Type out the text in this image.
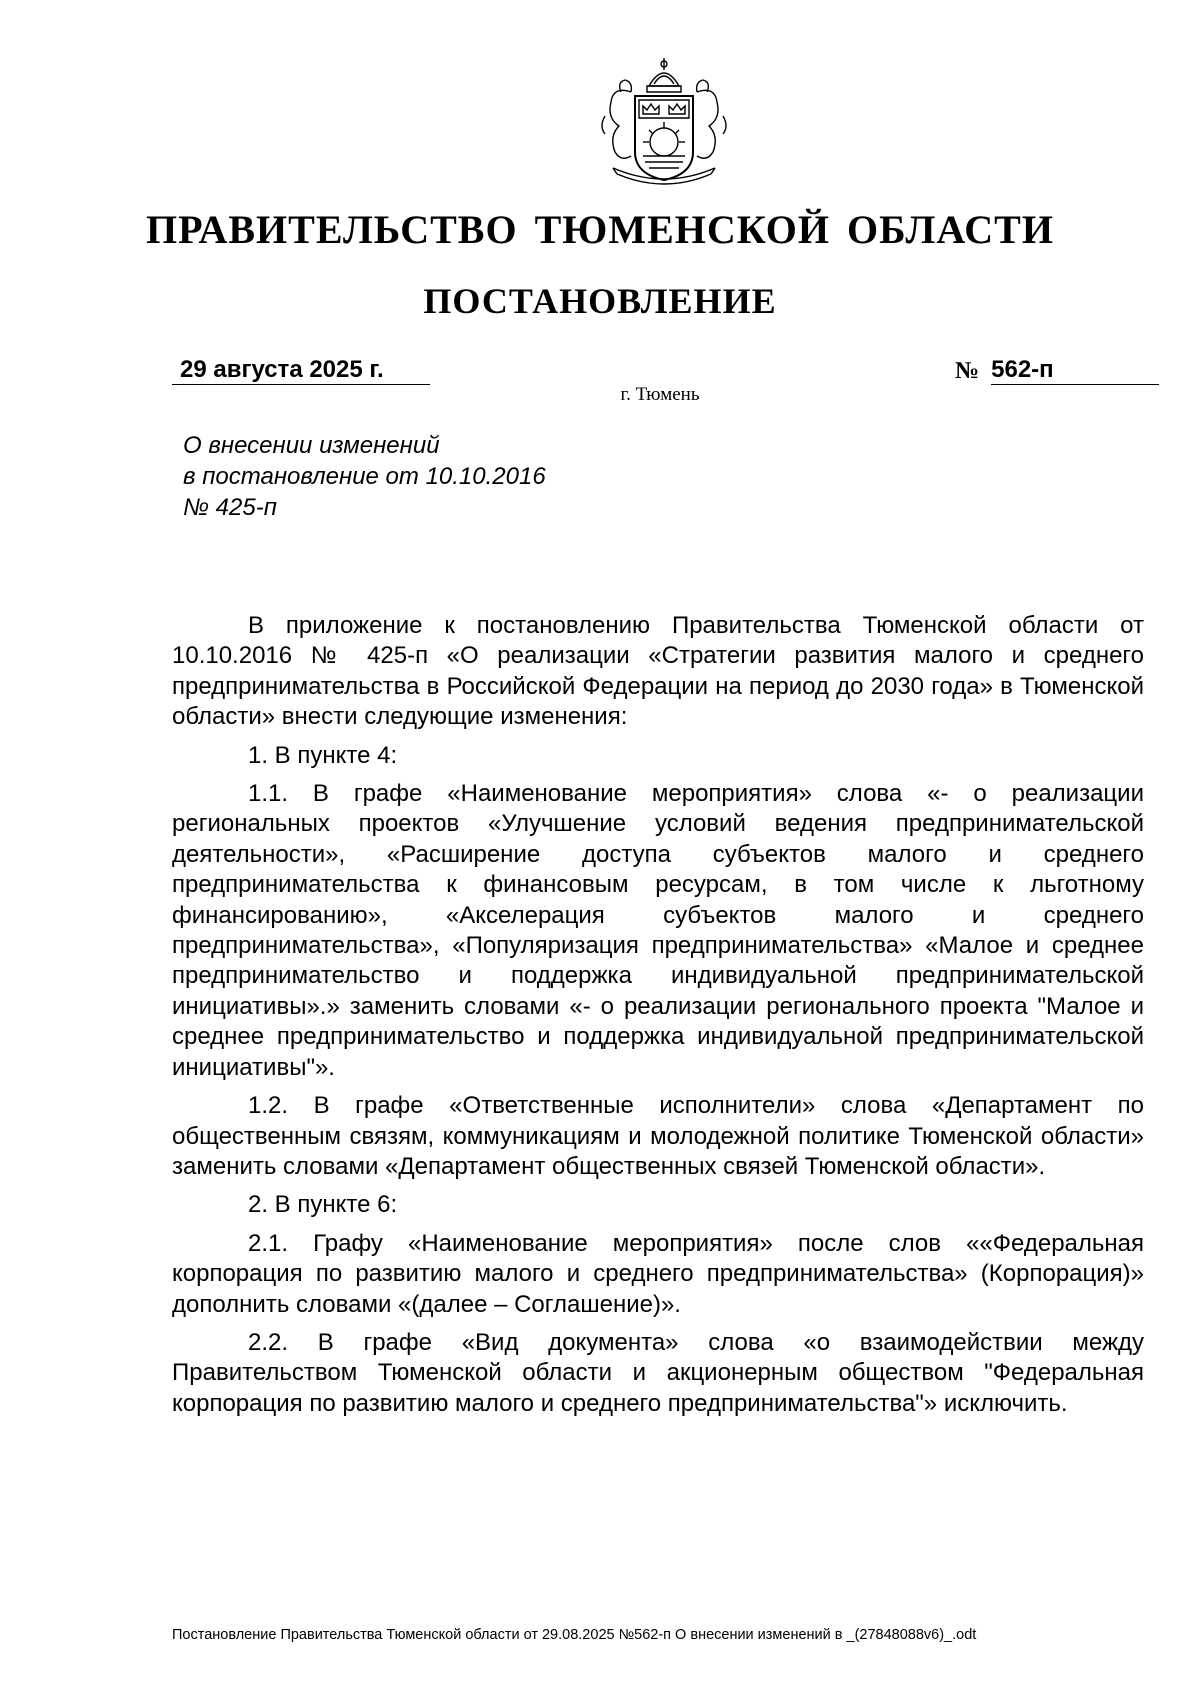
ПРАВИТЕЛЬСТВО ТЮМЕНСКОЙ ОБЛАСТИ
ПОСТАНОВЛЕНИЕ
29 августа 2025 г.	№ 562-п
г. Тюмень
О внесении изменений
в постановление от 10.10.2016
№ 425-п

В приложение к постановлению Правительства Тюменской области от 10.10.2016 № 425-п «О реализации «Стратегии развития малого и среднего предпринимательства в Российской Федерации на период до 2030 года» в Тюменской области» внести следующие изменения:

1. В пункте 4:

1.1. В графе «Наименование мероприятия» слова «- о реализации региональных проектов «Улучшение условий ведения предпринимательской деятельности», «Расширение доступа субъектов малого и среднего предпринимательства к финансовым ресурсам, в том числе к льготному финансированию», «Акселерация субъектов малого и среднего предпринимательства», «Популяризация предпринимательства» «Малое и среднее предпринимательство и поддержка индивидуальной предпринимательской инициативы».» заменить словами «- о реализации регионального проекта "Малое и среднее предпринимательство и поддержка индивидуальной предпринимательской инициативы"».

1.2. В графе «Ответственные исполнители» слова «Департамент по общественным связям, коммуникациям и молодежной политике Тюменской области» заменить словами «Департамент общественных связей Тюменской области».

2. В пункте 6:

2.1. Графу «Наименование мероприятия» после слов ««Федеральная корпорация по развитию малого и среднего предпринимательства» (Корпорация)» дополнить словами «(далее – Соглашение)».

2.2. В графе «Вид документа» слова «о взаимодействии между Правительством Тюменской области и акционерным обществом "Федеральная корпорация по развитию малого и среднего предпринимательства"» исключить.

Постановление Правительства Тюменской области от 29.08.2025 №562-п О внесении изменений в _(27848088v6)_.odt
